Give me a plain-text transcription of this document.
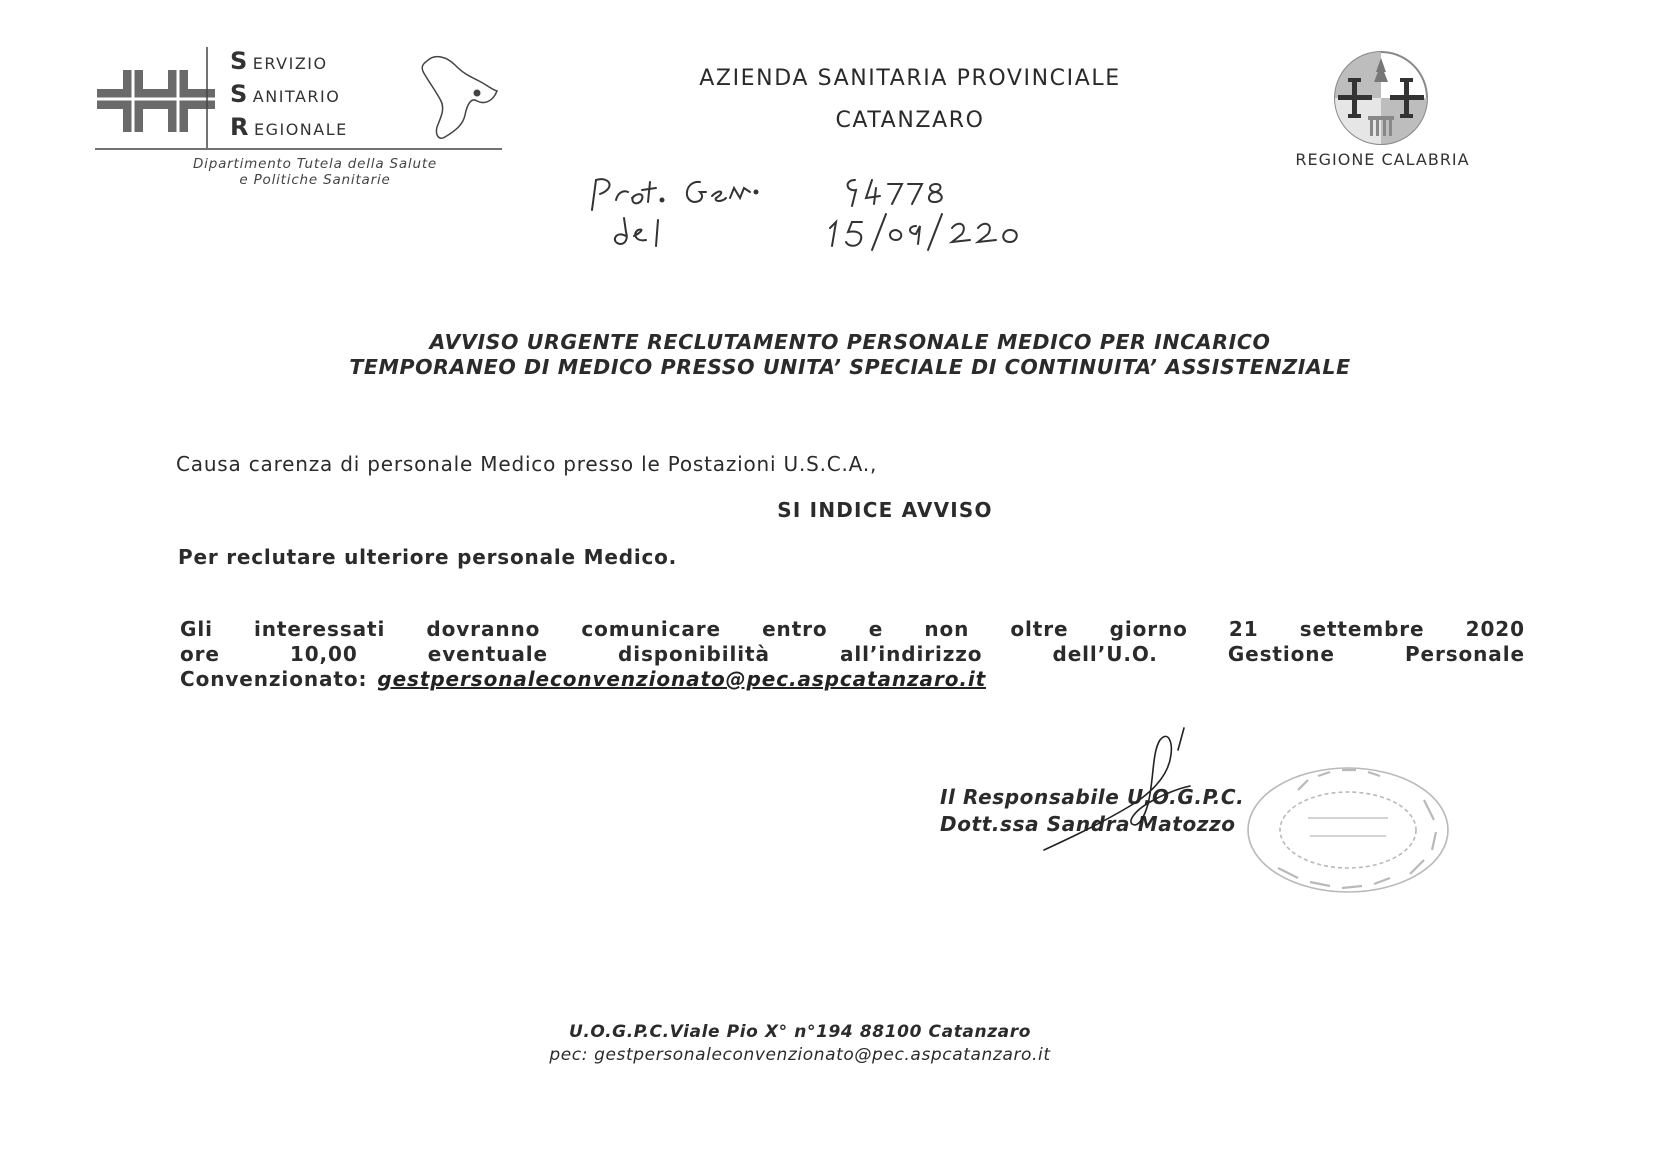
SERVIZIO
SANITARIO
REGIONALE
Dipartimento Tutela della Salute
e Politiche Sanitarie
AZIENDA SANITARIA PROVINCIALE
CATANZARO
REGIONE CALABRIA
AVVISO URGENTE RECLUTAMENTO PERSONALE MEDICO PER INCARICO
TEMPORANEO DI MEDICO PRESSO UNITA’ SPECIALE DI CONTINUITA’ ASSISTENZIALE
Causa carenza di personale Medico presso le Postazioni U.S.C.A.,
SI INDICE AVVISO
Per reclutare ulteriore personale Medico.
Gli interessati dovranno comunicare entro e non oltre giorno 21 settembre 2020
ore	10,00	eventuale	disponibilità	all’indirizzo	dell’U.O.	Gestione	Personale
Convenzionato: gestpersonaleconvenzionato@pec.aspcatanzaro.it
Il Responsabile U.O.G.P.C.
Dott.ssa Sandra Matozzo
U.O.G.P.C.Viale Pio X° n°194 88100 Catanzaro
pec: gestpersonaleconvenzionato@pec.aspcatanzaro.it
